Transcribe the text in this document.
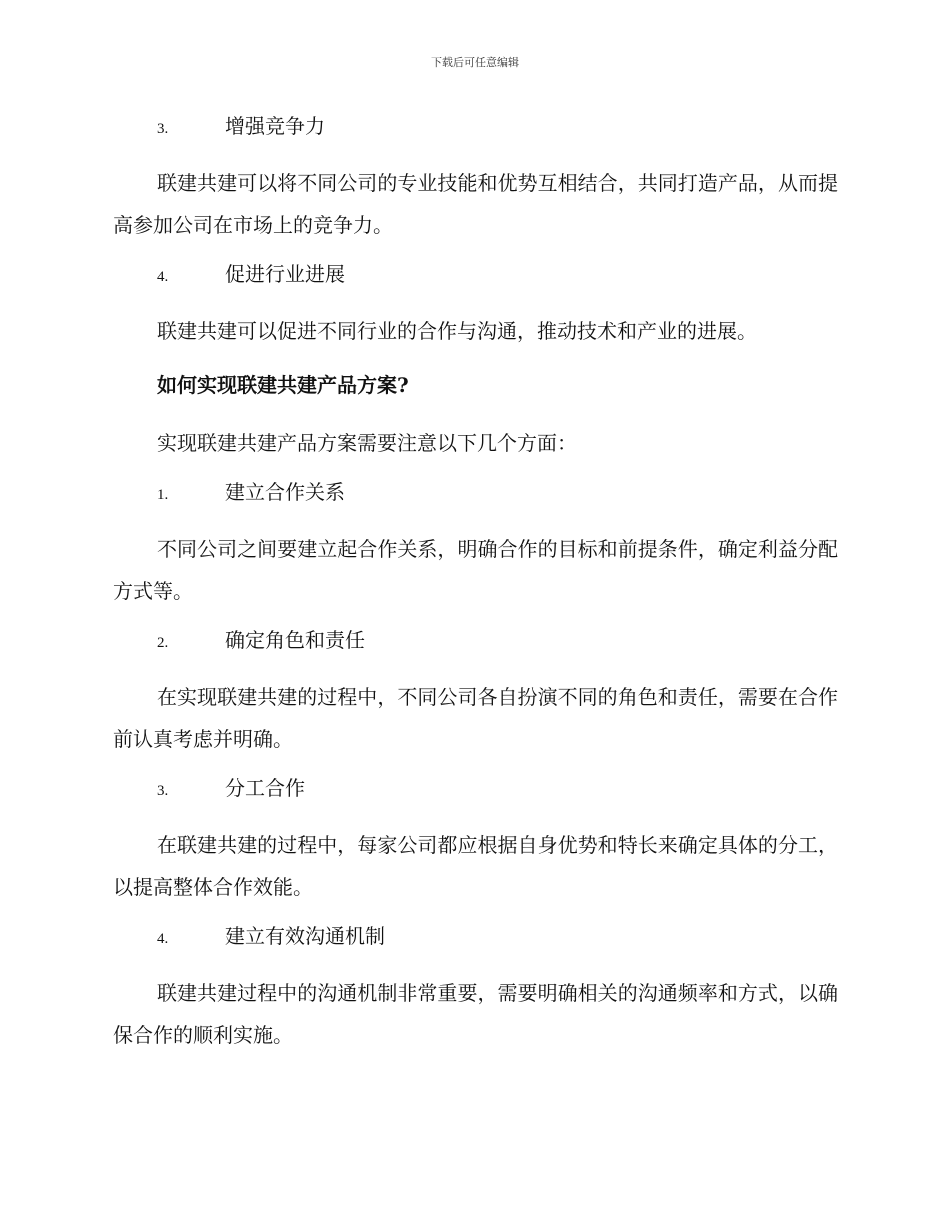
下载后可任意编辑
3.	增强竞争力

联建共建可以将不同公司的专业技能和优势互相结合，共同打造产品，从而提高参加公司在市场上的竞争力。

4.	促进行业进展

联建共建可以促进不同行业的合作与沟通，推动技术和产业的进展。

如何实现联建共建产品方案?

实现联建共建产品方案需要注意以下几个方面：

1.	建立合作关系

不同公司之间要建立起合作关系，明确合作的目标和前提条件，确定利益分配方式等。

2.	确定角色和责任

在实现联建共建的过程中，不同公司各自扮演不同的角色和责任，需要在合作前认真考虑并明确。

3.	分工合作

在联建共建的过程中，每家公司都应根据自身优势和特长来确定具体的分工，以提高整体合作效能。

4.	建立有效沟通机制

联建共建过程中的沟通机制非常重要，需要明确相关的沟通频率和方式，以确保合作的顺利实施。
